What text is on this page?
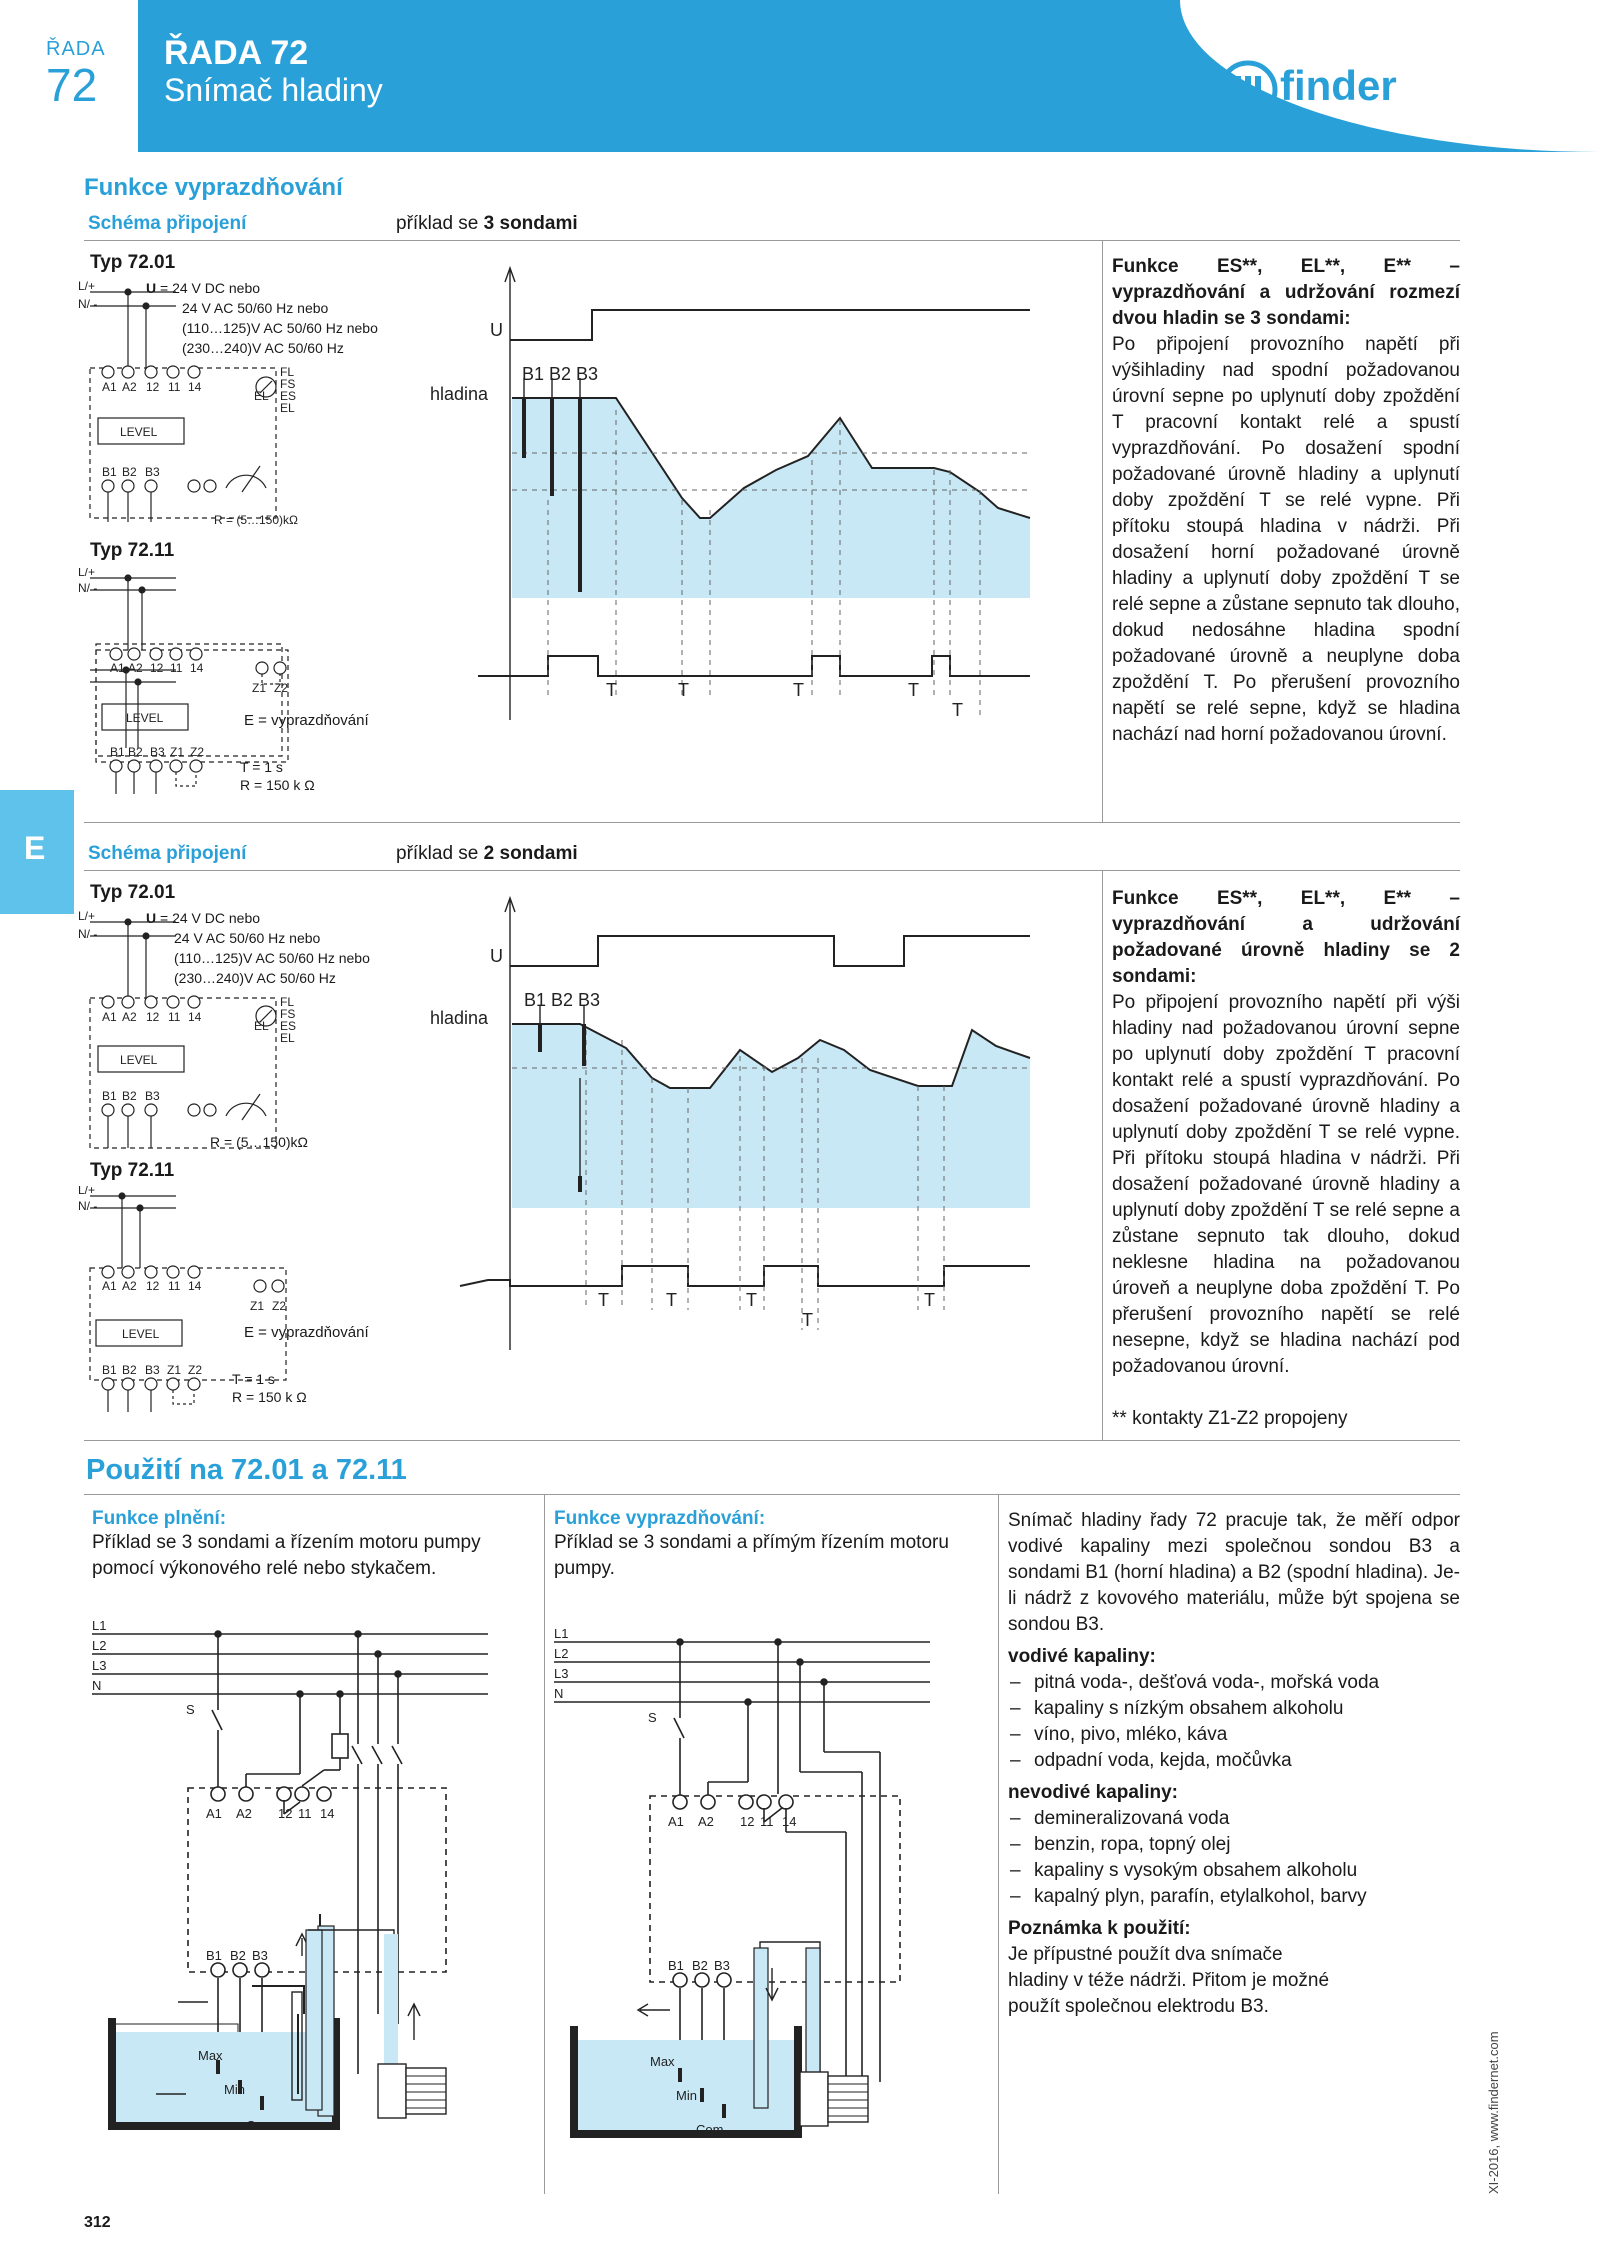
ŘADA
72
ŘADA 72
Snímač hladiny	finder
E
Funkce vyprazdňování
Schéma připojení	příklad se 3 sondami
Typ 72.01
U = 24 V DC nebo
24 V AC 50/60 Hz nebo
(110…125)V AC 50/60 Hz nebo
(230…240)V AC 50/60 Hz
L/+
N/ -
A1 A2 12 11 14
LEVEL
B1 B2 B3
FL
FS
ES
EL
EL
R = (5…150)kΩ
Typ 72.11
L/+
N/ -
A1 A2 12 11 14
LEVEL
B1 B2 B3 Z1 Z2
Z1 Z2
E = vyprazdňování
T = 1 s
R = 150 k Ω
U
hladina
B1 B2 B3
T	T	T	T
T
Funkce ES**, EL**, E** – vyprazdňování a udržování rozmezí dvou hladin se 3 sondami:
Po připojení provozního napětí při výšihladiny nad spodní požadovanou úrovní sepne po uplynutí doby zpoždění T pracovní kontakt relé a spustí vyprazdňování. Po dosažení spodní požadované úrovně hladiny a uplynutí doby zpoždění T se relé vypne. Při přítoku stoupá hladina v nádrži. Při dosažení horní požadované úrovně hladiny a uplynutí doby zpoždění T se relé sepne a zůstane sepnuto tak dlouho, dokud nedosáhne hladina spodní požadované úrovně a neuplyne doba zpoždění T. Po přerušení provozního napětí se relé sepne, když se hladina nachází nad horní požadovanou úrovní.
Schéma připojení	příklad se 2 sondami
Typ 72.01
U = 24 V DC nebo
24 V AC 50/60 Hz nebo
(110…125)V AC 50/60 Hz nebo
(230…240)V AC 50/60 Hz
L/+
N/ -
A1 A2 12 11 14
LEVEL
B1 B2 B3
FL
FS
ES
EL
EL
R = (5…150)kΩ
Typ 72.11
L/+
N/ -
A1 A2 12 11 14
LEVEL
B1 B2 B3 Z1 Z2
Z1 Z2
E = vyprazdňování
T = 1 s
R = 150 k Ω
U
hladina
B1 B2 B3
T	T	T
T
T
Funkce ES**, EL**, E** – vyprazdňování a udržování požadované úrovně hladiny se 2 sondami:
Po připojení provozního napětí při výši hladiny nad požadovanou úrovní sepne po uplynutí doby zpoždění T pracovní kontakt relé a spustí vyprazdňování. Po dosažení požadované úrovně hladiny a uplynutí doby zpoždění T se relé vypne. Při přítoku stoupá hladina v nádrži. Při dosažení požadované úrovně hladiny a uplynutí doby zpoždění T se relé sepne a zůstane sepnuto tak dlouho, dokud neklesne hladina na požadovanou úroveň a neuplyne doba zpoždění T. Po přerušení provozního napětí se relé nesepne, když se hladina nachází pod požadovanou úrovní.
** kontakty Z1-Z2 propojeny
Použití na 72.01 a 72.11
Funkce plnění:
Příklad se 3 sondami a řízením motoru pumpy pomocí výkonového relé nebo stykačem.
Funkce vyprazdňování:
Příklad se 3 sondami a přímým řízením motoru pumpy.
L1
L2
L3
N
S
A1 A2 12 11 14
B1 B2 B3
Max
Min
Com
L1
L2
L3
N
S
A1 A2 12 11 14
B1 B2 B3
Max
Min
Com
Snímač hladiny řady 72 pracuje tak, že měří odpor vodivé kapaliny mezi společnou sondou B3 a sondami B1 (horní hladina) a B2 (spodní hladina). Je-li nádrž z kovového materiálu, může být spojena se sondou B3.
vodivé kapaliny:
– pitná voda-, dešťová voda-, mořská voda
– kapaliny s nízkým obsahem alkoholu
– víno, pivo, mléko, káva
– odpadní voda, kejda, močůvka
nevodivé kapaliny:
– demineralizovaná voda
– benzin, ropa, topný olej
– kapaliny s vysokým obsahem alkoholu
– kapalný plyn, parafín, etylalkohol, barvy
Poznámka k použití:
Je přípustné použít dva snímače hladiny v téže nádrži. Přitom je možné použít společnou elektrodu B3.
312
XI-2016, www.findernet.com
